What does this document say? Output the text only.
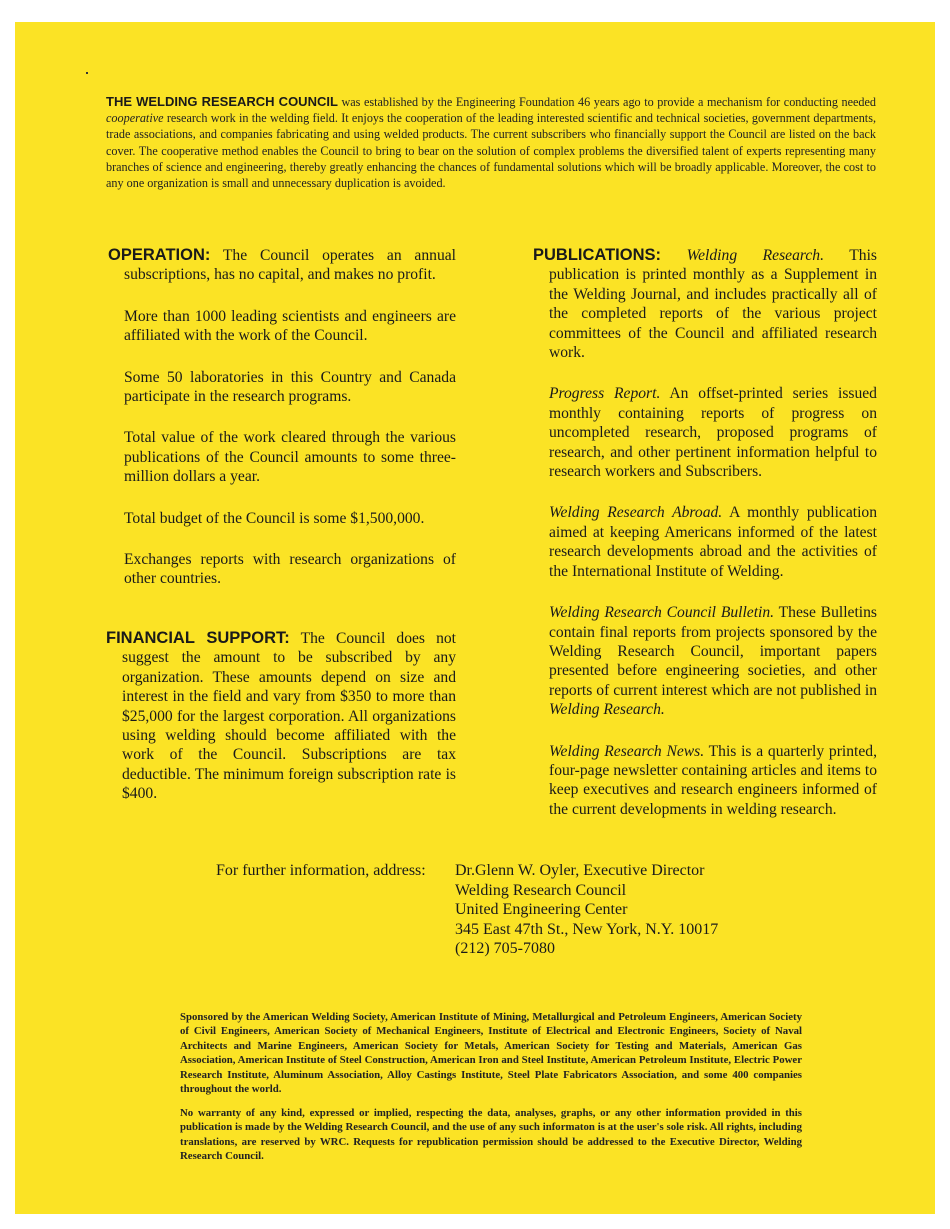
THE WELDING RESEARCH COUNCIL was established by the Engineering Foundation 46 years ago to provide a mechanism for conducting needed cooperative research work in the welding field. It enjoys the cooperation of the leading interested scientific and technical societies, government departments, trade associations, and companies fabricating and using welded products. The current subscribers who financially support the Council are listed on the back cover. The cooperative method enables the Council to bring to bear on the solution of complex problems the diversified talent of experts representing many branches of science and engineering, thereby greatly enhancing the chances of fundamental solutions which will be broadly applicable. Moreover, the cost to any one organization is small and unnecessary duplication is avoided.

OPERATION: The Council operates an annual subscriptions, has no capital, and makes no profit.

More than 1000 leading scientists and engineers are affiliated with the work of the Council.

Some 50 laboratories in this Country and Canada participate in the research programs.

Total value of the work cleared through the various publications of the Council amounts to some three-million dollars a year.

Total budget of the Council is some $1,500,000.

Exchanges reports with research organizations of other countries.

FINANCIAL SUPPORT: The Council does not suggest the amount to be subscribed by any organization. These amounts depend on size and interest in the field and vary from $350 to more than $25,000 for the largest corporation. All organizations using welding should become affiliated with the work of the Council. Subscriptions are tax deductible. The minimum foreign subscription rate is $400.

PUBLICATIONS: Welding Research. This publication is printed monthly as a Supplement in the Welding Journal, and includes practically all of the completed reports of the various project committees of the Council and affiliated research work.

Progress Report. An offset-printed series issued monthly containing reports of progress on uncompleted research, proposed programs of research, and other pertinent information helpful to research workers and Subscribers.

Welding Research Abroad. A monthly publication aimed at keeping Americans informed of the latest research developments abroad and the activities of the International Institute of Welding.

Welding Research Council Bulletin. These Bulletins contain final reports from projects sponsored by the Welding Research Council, important papers presented before engineering societies, and other reports of current interest which are not published in Welding Research.

Welding Research News. This is a quarterly printed, four-page newsletter containing articles and items to keep executives and research engineers informed of the current developments in welding research.

For further information, address: Dr.Glenn W. Oyler, Executive Director
Welding Research Council
United Engineering Center
345 East 47th St., New York, N.Y. 10017
(212) 705-7080
Sponsored by the American Welding Society, American Institute of Mining, Metallurgical and Petroleum Engineers, American Society of Civil Engineers, American Society of Mechanical Engineers, Institute of Electrical and Electronic Engineers, Society of Naval Architects and Marine Engineers, American Society for Metals, American Society for Testing and Materials, American Gas Association, American Institute of Steel Construction, American Iron and Steel Institute, American Petroleum Institute, Electric Power Research Institute, Aluminum Association, Alloy Castings Institute, Steel Plate Fabricators Association, and some 400 companies throughout the world.
No warranty of any kind, expressed or implied, respecting the data, analyses, graphs, or any other information provided in this publication is made by the Welding Research Council, and the use of any such informaton is at the user's sole risk. All rights, including translations, are reserved by WRC. Requests for republication permission should be addressed to the Executive Director, Welding Research Council.
